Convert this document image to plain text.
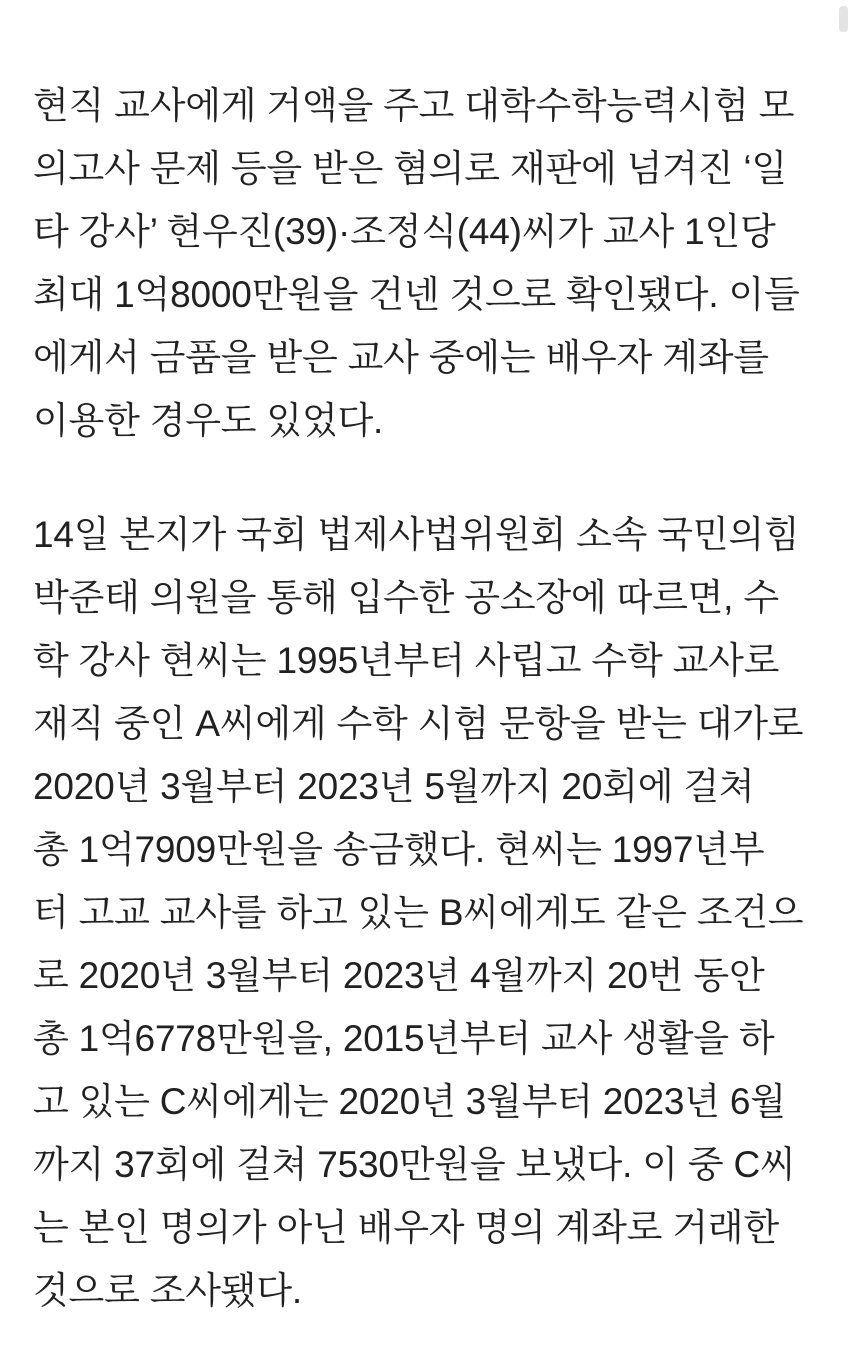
현직 교사에게 거액을 주고 대학수학능력시험 모
의고사 문제 등을 받은 혐의로 재판에 넘겨진 ‘일
타 강사’ 현우진(39)·조정식(44)씨가 교사 1인당
최대 1억8000만원을 건넨 것으로 확인됐다. 이들
에게서 금품을 받은 교사 중에는 배우자 계좌를
이용한 경우도 있었다.

14일 본지가 국회 법제사법위원회 소속 국민의힘
박준태 의원을 통해 입수한 공소장에 따르면, 수
학 강사 현씨는 1995년부터 사립고 수학 교사로
재직 중인 A씨에게 수학 시험 문항을 받는 대가로
2020년 3월부터 2023년 5월까지 20회에 걸쳐
총 1억7909만원을 송금했다. 현씨는 1997년부
터 고교 교사를 하고 있는 B씨에게도 같은 조건으
로 2020년 3월부터 2023년 4월까지 20번 동안
총 1억6778만원을, 2015년부터 교사 생활을 하
고 있는 C씨에게는 2020년 3월부터 2023년 6월
까지 37회에 걸쳐 7530만원을 보냈다. 이 중 C씨
는 본인 명의가 아닌 배우자 명의 계좌로 거래한
것으로 조사됐다.
